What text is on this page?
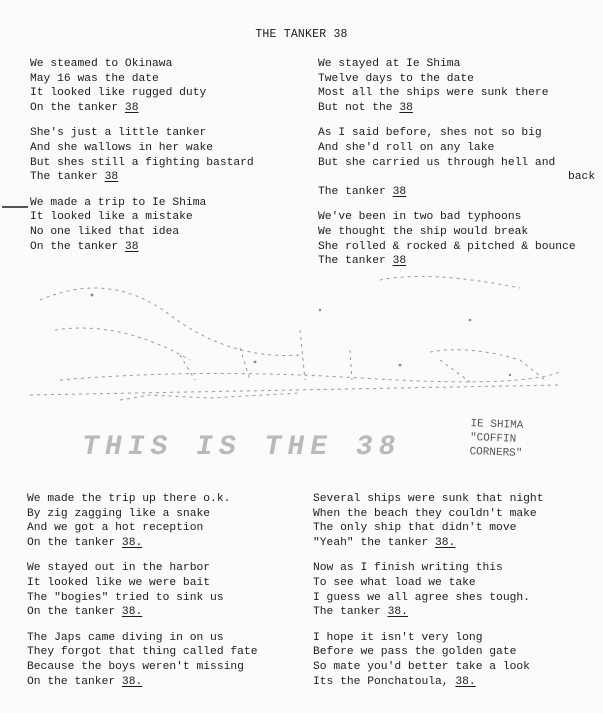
THE TANKER 38
We steamed to Okinawa
May 16 was the date
It looked like rugged duty
On the tanker 38
She's just a little tanker
And she wallows in her wake
But shes still a fighting bastard
The tanker 38
We made a trip to Ie Shima
It looked like a mistake
No one liked that idea
On the tanker 38
We stayed at Ie Shima
Twelve days to the date
Most all the ships were sunk there
But not the 38
As I said before, shes not so big
And she'd roll on any lake
But she carried us through hell and
back
The tanker 38
We've been in two bad typhoons
We thought the ship would break
She rolled & rocked & pitched & bounce
The tanker 38
THIS IS THE 38
IE SHIMA
"COFFIN
CORNERS"
We made the trip up there o.k.
By zig zagging like a snake
And we got a hot reception
On the tanker 38.
We stayed out in the harbor
It looked like we were bait
The "bogies" tried to sink us
On the tanker 38.
The Japs came diving in on us
They forgot that thing called fate
Because the boys weren't missing
On the tanker 38.
Several ships were sunk that night
When the beach they couldn't make
The only ship that didn't move
"Yeah" the tanker 38.
Now as I finish writing this
To see what load we take
I guess we all agree shes tough.
The tanker 38.
I hope it isn't very long
Before we pass the golden gate
So mate you'd better take a look
Its the Ponchatoula, 38.
